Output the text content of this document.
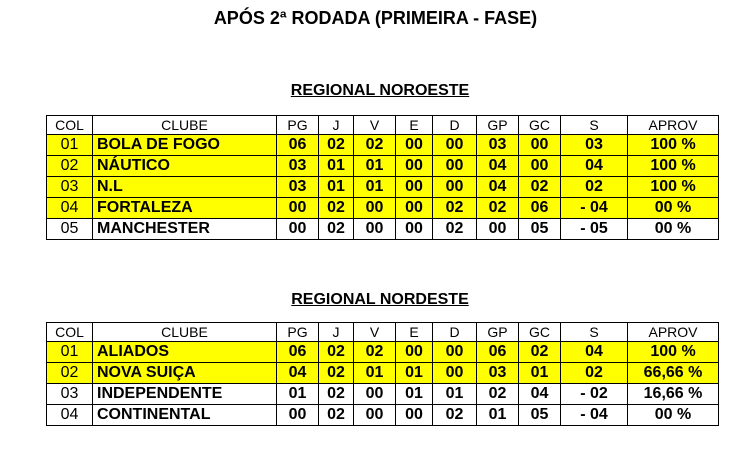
APÓS 2ª RODADA (PRIMEIRA - FASE)
REGIONAL NOROESTE
COL	CLUBE	PG	J	V	E	D	GP	GC	S	APROV
01	BOLA DE FOGO	06	02	02	00	00	03	00	03	100 %
02	NÁUTICO	03	01	01	00	00	04	00	04	100 %
03	N.L	03	01	01	00	00	04	02	02	100 %
04	FORTALEZA	00	02	00	00	02	02	06	- 04	00 %
05	MANCHESTER	00	02	00	00	02	00	05	- 05	00 %
REGIONAL NORDESTE
COL	CLUBE	PG	J	V	E	D	GP	GC	S	APROV
01	ALIADOS	06	02	02	00	00	06	02	04	100 %
02	NOVA SUIÇA	04	02	01	01	00	03	01	02	66,66 %
03	INDEPENDENTE	01	02	00	01	01	02	04	- 02	16,66 %
04	CONTINENTAL	00	02	00	00	02	01	05	- 04	00 %
